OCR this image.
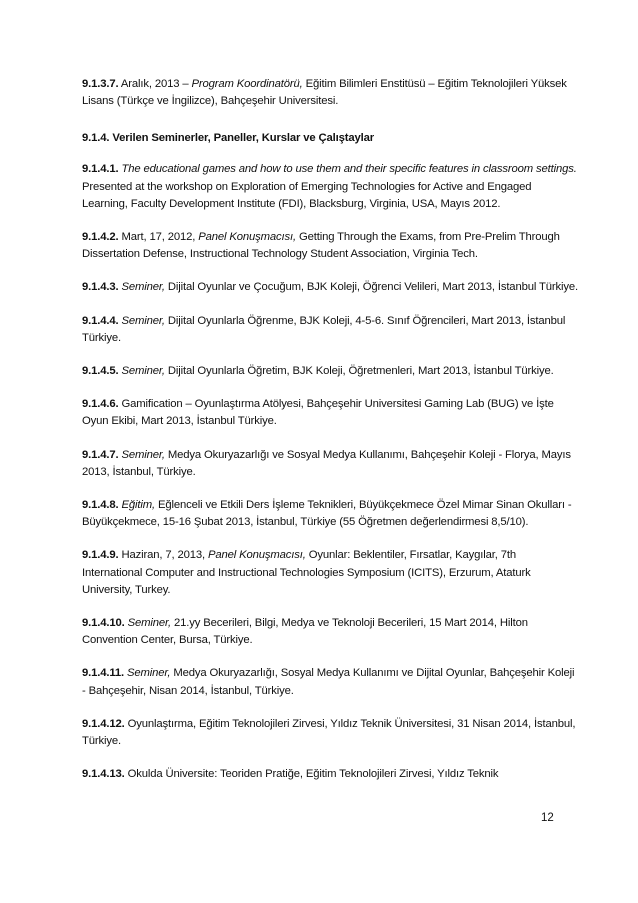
9.1.3.7. Aralık, 2013 – Program Koordinatörü, Eğitim Bilimleri Enstitüsü – Eğitim Teknolojileri Yüksek Lisans (Türkçe ve İngilizce), Bahçeşehir Universitesi.

9.1.4. Verilen Seminerler, Paneller, Kurslar ve Çalıştaylar

9.1.4.1. The educational games and how to use them and their specific features in classroom settings. Presented at the workshop on Exploration of Emerging Technologies for Active and Engaged Learning, Faculty Development Institute (FDI), Blacksburg, Virginia, USA, Mayıs 2012.

9.1.4.2. Mart, 17, 2012, Panel Konuşmacısı, Getting Through the Exams, from Pre-Prelim Through Dissertation Defense, Instructional Technology Student Association, Virginia Tech.

9.1.4.3. Seminer, Dijital Oyunlar ve Çocuğum, BJK Koleji, Öğrenci Velileri, Mart 2013, İstanbul Türkiye.

9.1.4.4. Seminer, Dijital Oyunlarla Öğrenme, BJK Koleji, 4-5-6. Sınıf Öğrencileri, Mart 2013, İstanbul Türkiye.

9.1.4.5. Seminer, Dijital Oyunlarla Öğretim, BJK Koleji, Öğretmenleri, Mart 2013, İstanbul Türkiye.

9.1.4.6. Gamification – Oyunlaştırma Atölyesi, Bahçeşehir Universitesi Gaming Lab (BUG) ve İşte Oyun Ekibi, Mart 2013, İstanbul Türkiye.

9.1.4.7. Seminer, Medya Okuryazarlığı ve Sosyal Medya Kullanımı, Bahçeşehir Koleji - Florya, Mayıs 2013, İstanbul, Türkiye.

9.1.4.8. Eğitim, Eğlenceli ve Etkili Ders İşleme Teknikleri, Büyükçekmece Özel Mimar Sinan Okulları - Büyükçekmece, 15-16 Şubat 2013, İstanbul, Türkiye (55 Öğretmen değerlendirmesi 8,5/10).

9.1.4.9. Haziran, 7, 2013, Panel Konuşmacısı, Oyunlar: Beklentiler, Fırsatlar, Kaygılar, 7th International Computer and Instructional Technologies Symposium (ICITS), Erzurum, Ataturk University, Turkey.

9.1.4.10. Seminer, 21.yy Becerileri, Bilgi, Medya ve Teknoloji Becerileri, 15 Mart 2014, Hilton Convention Center, Bursa, Türkiye.

9.1.4.11. Seminer, Medya Okuryazarlığı, Sosyal Medya Kullanımı ve Dijital Oyunlar, Bahçeşehir Koleji - Bahçeşehir, Nisan 2014, İstanbul, Türkiye.

9.1.4.12. Oyunlaştırma, Eğitim Teknolojileri Zirvesi, Yıldız Teknik Üniversitesi, 31 Nisan 2014, İstanbul, Türkiye.

9.1.4.13. Okulda Üniversite: Teoriden Pratiğe, Eğitim Teknolojileri Zirvesi, Yıldız Teknik

12
